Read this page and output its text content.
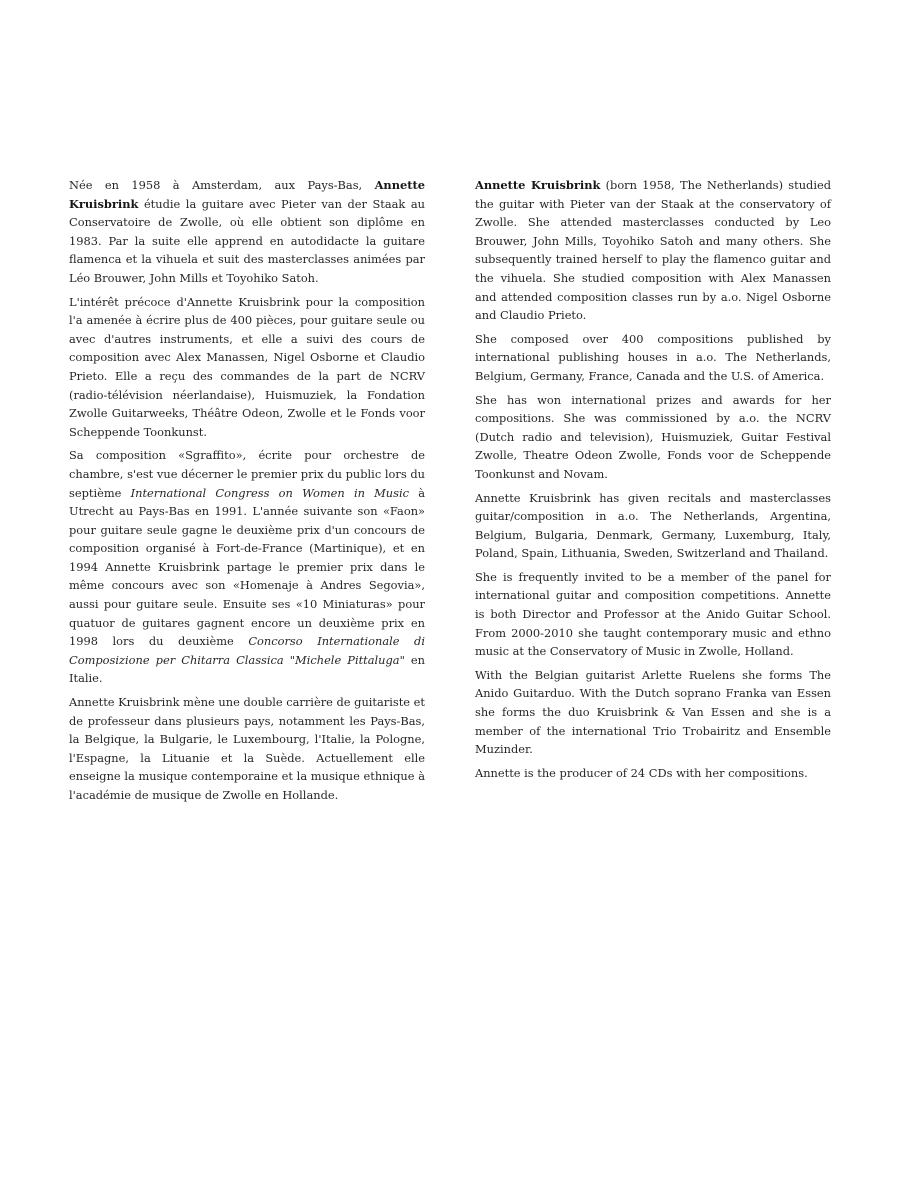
Née en 1958 à Amsterdam, aux Pays-Bas, Annette Kruisbrink étudie la guitare avec Pieter van der Staak au Conservatoire de Zwolle, où elle obtient son diplôme en 1983. Par la suite elle apprend en autodidacte la guitare flamenca et la vihuela et suit des masterclasses animées par Léo Brouwer, John Mills et Toyohiko Satoh.

L'intérêt précoce d'Annette Kruisbrink pour la composition l'a amenée à écrire plus de 400 pièces, pour guitare seule ou avec d'autres instruments, et elle a suivi des cours de composition avec Alex Manassen, Nigel Osborne et Claudio Prieto. Elle a reçu des commandes de la part de NCRV (radio-télévision néerlandaise), Huismuziek, la Fondation Zwolle Guitarweeks, Théâtre Odeon, Zwolle et le Fonds voor Scheppende Toonkunst.

Sa composition «Sgraffito», écrite pour orchestre de chambre, s'est vue décerner le premier prix du public lors du septième International Congress on Women in Music à Utrecht au Pays-Bas en 1991. L'année suivante son «Faon» pour guitare seule gagne le deuxième prix d'un concours de composition organisé à Fort-de-France (Martinique), et en 1994 Annette Kruisbrink partage le premier prix dans le même concours avec son «Homenaje à Andres Segovia», aussi pour guitare seule. Ensuite ses «10 Miniaturas» pour quatuor de guitares gagnent encore un deuxième prix en 1998 lors du deuxième Concorso Internationale di Composizione per Chitarra Classica "Michele Pittaluga" en Italie.

Annette Kruisbrink mène une double carrière de guitariste et de professeur dans plusieurs pays, notamment les Pays-Bas, la Belgique, la Bulgarie, le Luxembourg, l'Italie, la Pologne, l'Espagne, la Lituanie et la Suède. Actuellement elle enseigne la musique contemporaine et la musique ethnique à l'académie de musique de Zwolle en Hollande.

Annette Kruisbrink (born 1958, The Netherlands) studied the guitar with Pieter van der Staak at the conservatory of Zwolle. She attended masterclasses conducted by Leo Brouwer, John Mills, Toyohiko Satoh and many others. She subsequently trained herself to play the flamenco guitar and the vihuela. She studied composition with Alex Manassen and attended composition classes run by a.o. Nigel Osborne and Claudio Prieto.

She composed over 400 compositions published by international publishing houses in a.o. The Netherlands, Belgium, Germany, France, Canada and the U.S. of America.

She has won international prizes and awards for her compositions. She was commissioned by a.o. the NCRV (Dutch radio and television), Huismuziek, Guitar Festival Zwolle, Theatre Odeon Zwolle, Fonds voor de Scheppende Toonkunst and Novam.

Annette Kruisbrink has given recitals and masterclasses guitar/composition in a.o. The Netherlands, Argentina, Belgium, Bulgaria, Denmark, Germany, Luxemburg, Italy, Poland, Spain, Lithuania, Sweden, Switzerland and Thailand.

She is frequently invited to be a member of the panel for international guitar and composition competitions. Annette is both Director and Professor at the Anido Guitar School. From 2000-2010 she taught contemporary music and ethno music at the Conservatory of Music in Zwolle, Holland.

With the Belgian guitarist Arlette Ruelens she forms The Anido Guitarduo. With the Dutch soprano Franka van Essen she forms the duo Kruisbrink & Van Essen and she is a member of the international Trio Trobairitz and Ensemble Muzinder.

Annette is the producer of 24 CDs with her compositions.
